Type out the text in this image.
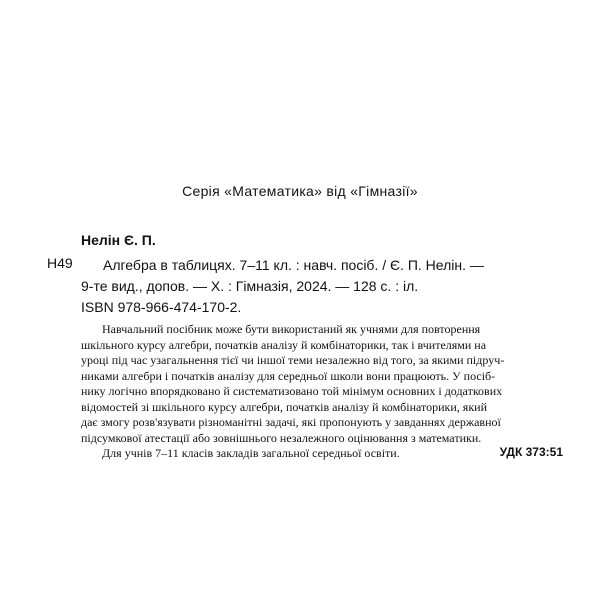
Серія «Математика» від «Гімназії»
Нелін Є. П.
Н49	Алгебра в таблицях. 7–11 кл. : навч. посіб. / Є. П. Нелін. —
9-те вид., допов. — Х. : Гімназія, 2024. — 128 с. : іл.
ISBN 978-966-474-170-2.
Навчальний посібник може бути використаний як учнями для повторення
шкільного курсу алгебри, початків аналізу й комбінаторики, так і вчителями на
уроці під час узагальнення тієї чи іншої теми незалежно від того, за якими підруч-
никами алгебри і початків аналізу для середньої школи вони працюють. У посіб-
нику логічно впорядковано й систематизовано той мінімум основних і додаткових
відомостей зі шкільного курсу алгебри, початків аналізу й комбінаторики, який
дає змогу розв'язувати різноманітні задачі, які пропонують у завданнях державної
підсумкової атестації або зовнішнього незалежного оцінювання з математики.
Для учнів 7–11 класів закладів загальної середньої освіти.	УДК 373:51
